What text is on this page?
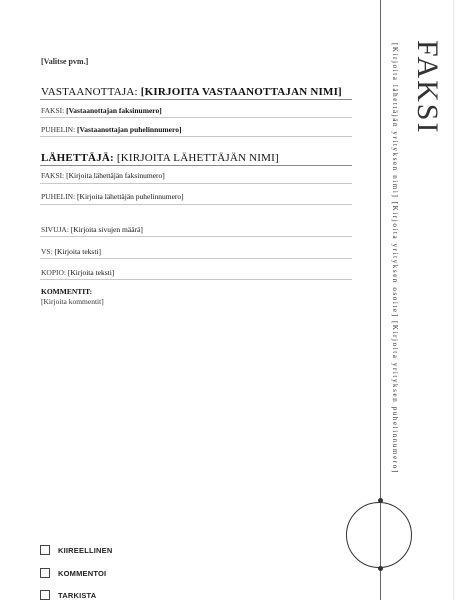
[Valitse pvm.]
VASTAANOTTAJA: [KIRJOITA VASTAANOTTAJAN NIMI]
FAKSI: [Vastaanottajan faksinumero]
PUHELIN: [Vastaanottajan puhelinnumero]
LÄHETTÄJÄ: [KIRJOITA LÄHETTÄJÄN NIMI]
FAKSI: [Kirjoita lähettäjän faksinumero]
PUHELIN: [Kirjoita lähettäjän puhelinnumero]
SIVUJA: [Kirjoita sivujen määrä]
VS: [Kirjoita teksti]
KOPIO: [Kirjoita teksti]
KOMMENTIT:
[Kirjoita kommentit]
KIIREELLINEN
KOMMENTOI
TARKISTA
FAKSI
[Kirjoita lähettäjän yrityksen nimi] [Kirjoita yrityksen osoite] [Kirjoita yrityksen puhelinnumero]
